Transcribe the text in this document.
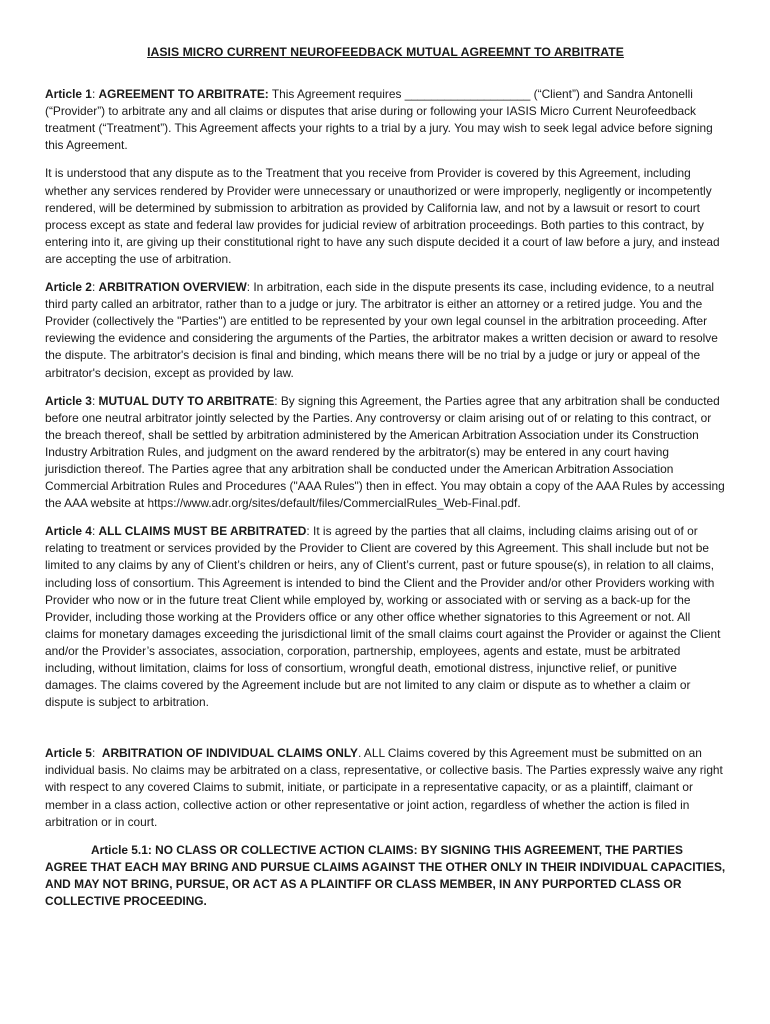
IASIS MICRO CURRENT NEUROFEEDBACK MUTUAL AGREEMNT TO ARBITRATE

Article 1: AGREEMENT TO ARBITRATE: This Agreement requires ___________________ (“Client”) and Sandra Antonelli (“Provider”) to arbitrate any and all claims or disputes that arise during or following your IASIS Micro Current Neurofeedback treatment (“Treatment”). This Agreement affects your rights to a trial by a jury. You may wish to seek legal advice before signing this Agreement.

It is understood that any dispute as to the Treatment that you receive from Provider is covered by this Agreement, including whether any services rendered by Provider were unnecessary or unauthorized or were improperly, negligently or incompetently rendered, will be determined by submission to arbitration as provided by California law, and not by a lawsuit or resort to court process except as state and federal law provides for judicial review of arbitration proceedings. Both parties to this contract, by entering into it, are giving up their constitutional right to have any such dispute decided it a court of law before a jury, and instead are accepting the use of arbitration.

Article 2: ARBITRATION OVERVIEW: In arbitration, each side in the dispute presents its case, including evidence, to a neutral third party called an arbitrator, rather than to a judge or jury. The arbitrator is either an attorney or a retired judge. You and the Provider (collectively the "Parties") are entitled to be represented by your own legal counsel in the arbitration proceeding. After reviewing the evidence and considering the arguments of the Parties, the arbitrator makes a written decision or award to resolve the dispute. The arbitrator's decision is final and binding, which means there will be no trial by a judge or jury or appeal of the arbitrator's decision, except as provided by law.

Article 3: MUTUAL DUTY TO ARBITRATE: By signing this Agreement, the Parties agree that any arbitration shall be conducted before one neutral arbitrator jointly selected by the Parties. Any controversy or claim arising out of or relating to this contract, or the breach thereof, shall be settled by arbitration administered by the American Arbitration Association under its Construction Industry Arbitration Rules, and judgment on the award rendered by the arbitrator(s) may be entered in any court having jurisdiction thereof. The Parties agree that any arbitration shall be conducted under the American Arbitration Association Commercial Arbitration Rules and Procedures ("AAA Rules") then in effect. You may obtain a copy of the AAA Rules by accessing the AAA website at https://www.adr.org/sites/default/files/CommercialRules_Web-Final.pdf.

Article 4: ALL CLAIMS MUST BE ARBITRATED: It is agreed by the parties that all claims, including claims arising out of or relating to treatment or services provided by the Provider to Client are covered by this Agreement. This shall include but not be limited to any claims by any of Client’s children or heirs, any of Client’s current, past or future spouse(s), in relation to all claims, including loss of consortium. This Agreement is intended to bind the Client and the Provider and/or other Providers working with Provider who now or in the future treat Client while employed by, working or associated with or serving as a back-up for the Provider, including those working at the Providers office or any other office whether signatories to this Agreement or not. All claims for monetary damages exceeding the jurisdictional limit of the small claims court against the Provider or against the Client and/or the Provider’s associates, association, corporation, partnership, employees, agents and estate, must be arbitrated including, without limitation, claims for loss of consortium, wrongful death, emotional distress, injunctive relief, or punitive damages. The claims covered by the Agreement include but are not limited to any claim or dispute as to whether a claim or dispute is subject to arbitration.

Article 5:  ARBITRATION OF INDIVIDUAL CLAIMS ONLY. ALL Claims covered by this Agreement must be submitted on an individual basis. No claims may be arbitrated on a class, representative, or collective basis. The Parties expressly waive any right with respect to any covered Claims to submit, initiate, or participate in a representative capacity, or as a plaintiff, claimant or member in a class action, collective action or other representative or joint action, regardless of whether the action is filed in arbitration or in court.

Article 5.1: NO CLASS OR COLLECTIVE ACTION CLAIMS: BY SIGNING THIS AGREEMENT, THE PARTIES AGREE THAT EACH MAY BRING AND PURSUE CLAIMS AGAINST THE OTHER ONLY IN THEIR INDIVIDUAL CAPACITIES, AND MAY NOT BRING, PURSUE, OR ACT AS A PLAINTIFF OR CLASS MEMBER, IN ANY PURPORTED CLASS OR COLLECTIVE PROCEEDING.
